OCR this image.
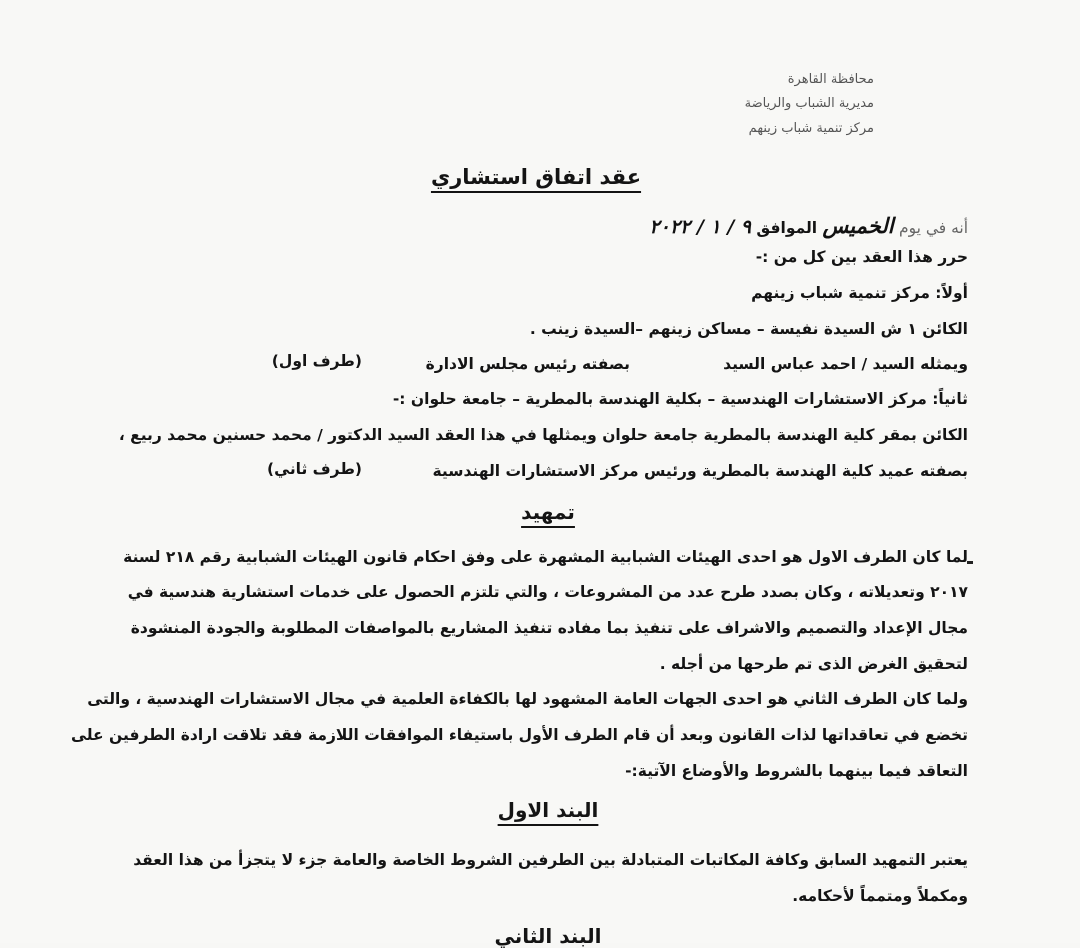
محافظة القاهرة
مديرية الشباب والرياضة
مركز تنمية شباب زينهم
عقد اتفاق استشاري
أنه في يوم الخميس الموافق ٩ / ١ / ٢٠٢٢
حرر هذا العقد بين كل من :-
أولاً: مركز تنمية شباب زينهم
الكائن ١ ش السيدة نفيسة – مساكن زينهم –السيدة زينب .
ويمثله السيد / احمد عباس السيد
بصفته رئيس مجلس الادارة
(طرف اول)
ثانياً: مركز الاستشارات الهندسية – بكلية الهندسة بالمطرية – جامعة حلوان :-
الكائن بمقر كلية الهندسة بالمطرية جامعة حلوان ويمثلها في هذا العقد السيد الدكتور / محمد حسنين محمد ربيع ،
بصفته عميد كلية الهندسة بالمطرية ورئيس مركز الاستشارات الهندسية
(طرف ثاني)
تمهيد
لما كان الطرف الاول هو احدى الهيئات الشبابية المشهرة على وفق احكام قانون الهيئات الشبابية رقم ٢١٨ لسنة
٢٠١٧ وتعديلاته ، وكان بصدد طرح عدد من المشروعات ، والتي تلتزم الحصول على خدمات استشارية هندسية في
مجال الإعداد والتصميم والاشراف على تنفيذ بما مفاده تنفيذ المشاريع بالمواصفات المطلوبة والجودة المنشودة
لتحقيق الغرض الذى تم طرحها من أجله .
ولما كان الطرف الثاني هو احدى الجهات العامة المشهود لها بالكفاءة العلمية في مجال الاستشارات الهندسية ، والتى
تخضع في تعاقداتها لذات القانون وبعد أن قام الطرف الأول باستيفاء الموافقات اللازمة فقد تلاقت ارادة الطرفين على
التعاقد فيما بينهما بالشروط والأوضاع الآتية:-
البند الاول
يعتبر التمهيد السابق وكافة المكاتبات المتبادلة بين الطرفين الشروط الخاصة والعامة جزء لا يتجزأ من هذا العقد
ومكملاً ومتمماً لأحكامه.
البند الثاني
